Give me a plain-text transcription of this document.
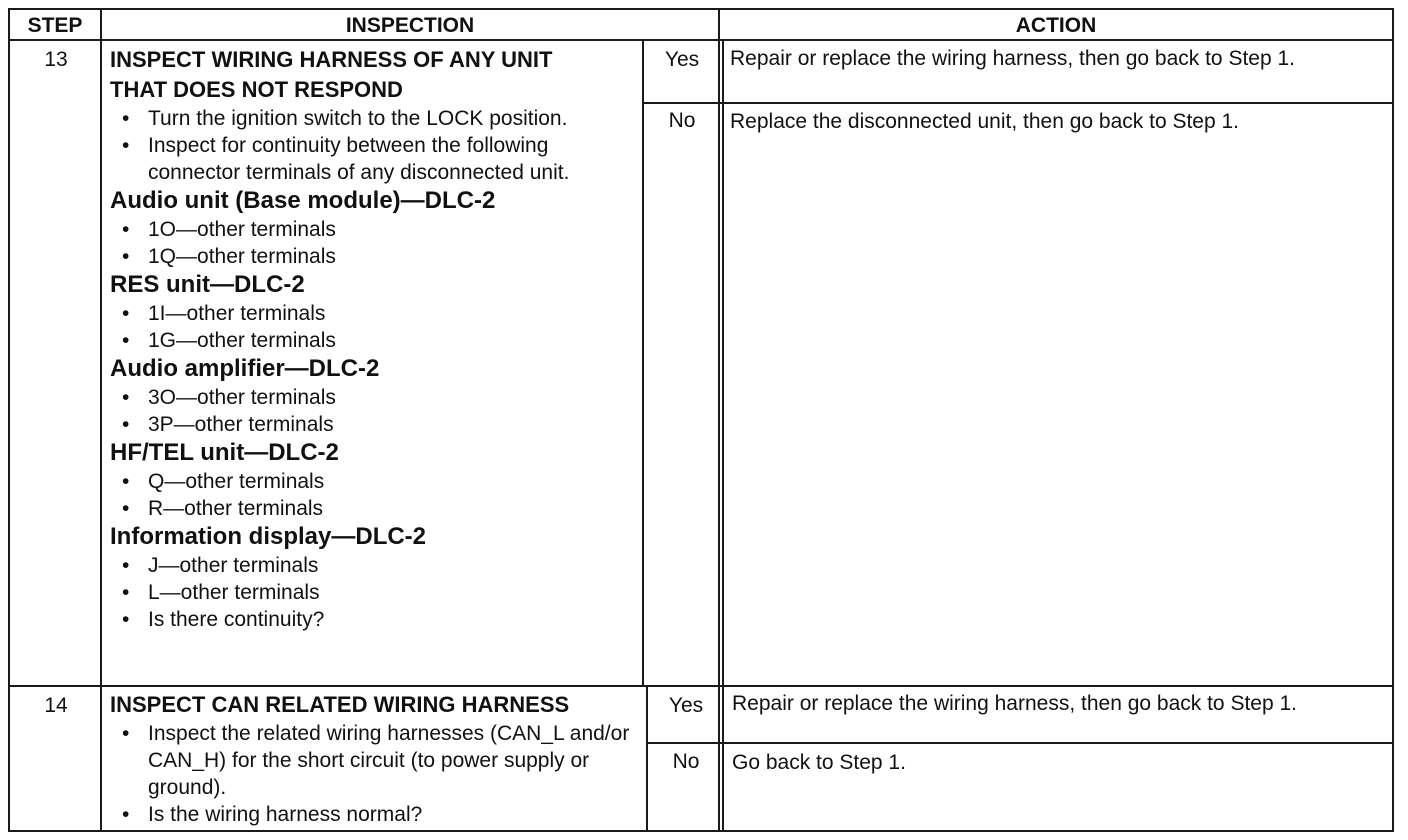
STEP	INSPECTION	ACTION
13	INSPECT WIRING HARNESS OF ANY UNIT

THAT DOES NOT RESPOND

• Turn the ignition switch to the LOCK position.
• Inspect for continuity between the following connector terminals of any disconnected unit.

Audio unit (Base module)—DLC-2

• 1O—other terminals
• 1Q—other terminals

RES unit—DLC-2

• 1I—other terminals
• 1G—other terminals

Audio amplifier—DLC-2

• 3O—other terminals
• 3P—other terminals

HF/TEL unit—DLC-2

• Q—other terminals
• R—other terminals

Information display—DLC-2

• J—other terminals
• L—other terminals
• Is there continuity?
Yes	Repair or replace the wiring harness, then go back to Step 1.
No	Replace the disconnected unit, then go back to Step 1.
14	INSPECT CAN RELATED WIRING HARNESS

• Inspect the related wiring harnesses (CAN_L and/or CAN_H) for the short circuit (to power supply or ground).
• Is the wiring harness normal?
Yes	Repair or replace the wiring harness, then go back to Step 1.
No	Go back to Step 1.
